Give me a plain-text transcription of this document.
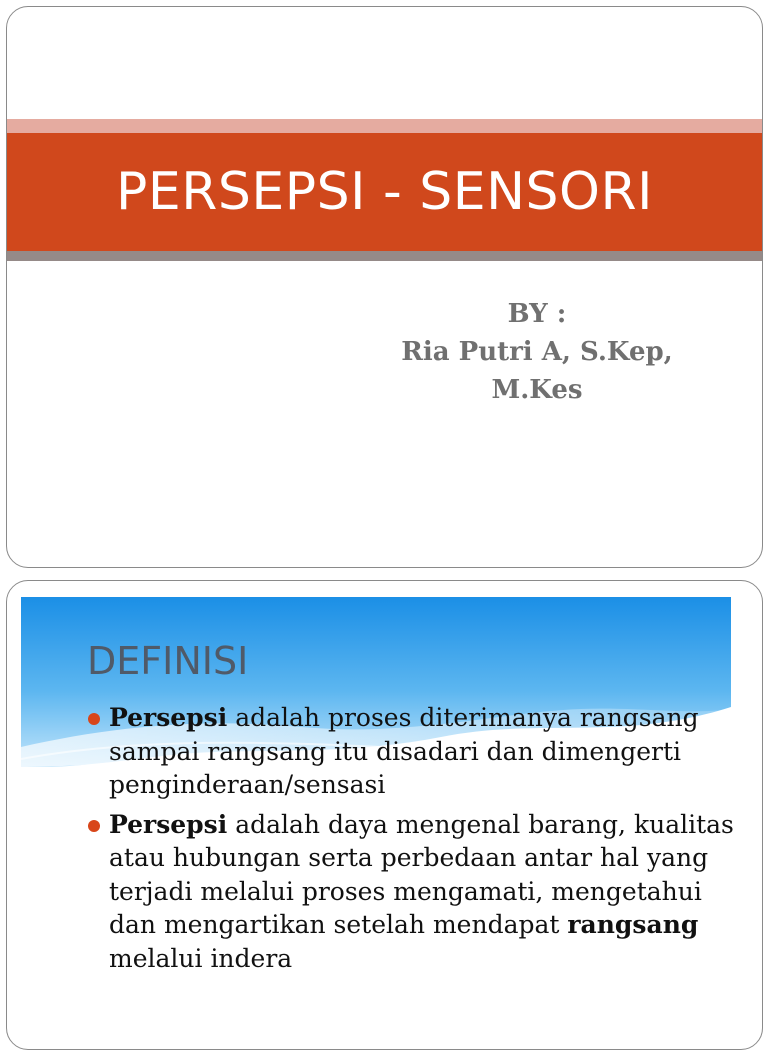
PERSEPSI - SENSORI
BY :
Ria Putri A, S.Kep,
M.Kes
DEFINISI
Persepsi adalah proses diterimanya rangsang sampai rangsang itu disadari dan dimengerti penginderaan/sensasi
Persepsi adalah daya mengenal barang, kualitas atau hubungan serta perbedaan antar hal yang terjadi melalui proses mengamati, mengetahui dan mengartikan setelah mendapat rangsang melalui indera
